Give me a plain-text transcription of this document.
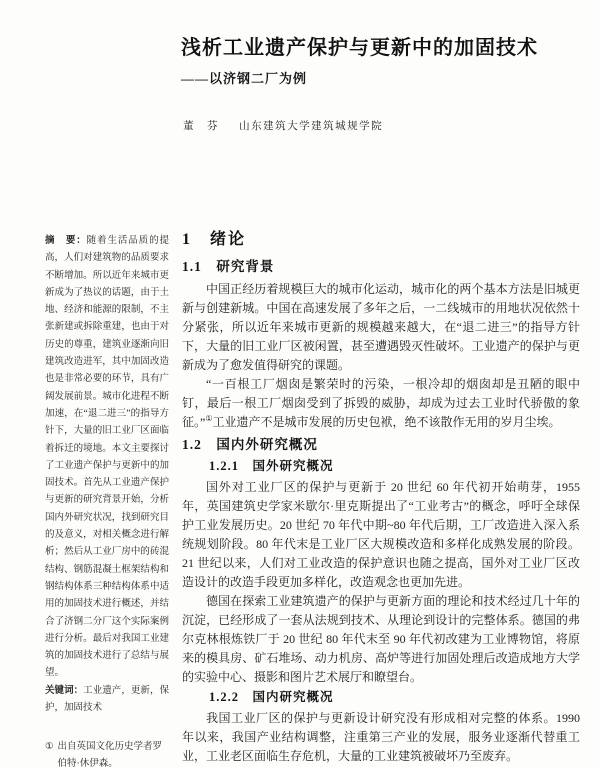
浅析工业遗产保护与更新中的加固技术
——以济钢二厂为例
董　芬 山东建筑大学建筑城规学院

摘　要：随着生活品质的提高，人们对建筑物的品质要求不断增加。所以近年来城市更新成为了热议的话题，由于土地、经济和能源的限制，不主张新建或拆除重建，也由于对历史的尊重，建筑业逐渐向旧建筑改造进军，其中加固改造也是非常必要的环节，具有广阔发展前景。城市化进程不断加速，在“退二进三”的指导方针下，大量的旧工业厂区面临着拆迁的境地。本文主要探讨了工业遗产保护与更新中的加固技术。首先从工业遗产保护与更新的研究背景开始，分析国内外研究状况，找到研究目的及意义，对相关概念进行解析；然后从工业厂房中的砖混结构、钢筋混凝土框架结构和钢结构体系三种结构体系中适用的加固技术进行概述，并结合了济钢二分厂这个实际案例进行分析。最后对我国工业建筑的加固技术进行了总结与展望。

关键词：工业遗产，更新，保护，加固技术

① 出自英国文化历史学者罗伯特·休伊森。
1　绪论
1.1　研究背景

中国正经历着规模巨大的城市化运动，城市化的两个基本方法是旧城更新与创建新城。中国在高速发展了多年之后，一二线城市的用地状况依然十分紧张，所以近年来城市更新的规模越来越大，在“退二进三”的指导方针下，大量的旧工业厂区被闲置，甚至遭遇毁灭性破坏。工业遗产的保护与更新成为了愈发值得研究的课题。

“一百根工厂烟囱是繁荣时的污染，一根冷却的烟囱却是丑陋的眼中钉，最后一根工厂烟囱受到了拆毁的威胁，却成为过去工业时代骄傲的象征。”①工业遗产不是城市发展的历史包袱，绝不该散作无用的岁月尘埃。

1.2　国内外研究概况
1.2.1　国外研究概况

国外对工业厂区的保护与更新于 20 世纪 60 年代初开始萌芽，1955 年，英国建筑史学家米歇尔·里克斯提出了“工业考古”的概念，呼吁全球保护工业发展历史。20 世纪 70 年代中期~80 年代后期，工厂改造进入深入系统规划阶段。80 年代末是工业厂区大规模改造和多样化成熟发展的阶段。21 世纪以来，人们对工业改造的保护意识也随之提高，国外对工业厂区改造设计的改造手段更加多样化，改造观念也更加先进。

德国在探索工业建筑遗产的保护与更新方面的理论和技术经过几十年的沉淀，已经形成了一套从法规到技术、从理论到设计的完整体系。德国的弗尔克林根炼铁厂于 20 世纪 80 年代末至 90 年代初改建为工业博物馆，将原来的模具房、矿石堆场、动力机房、高炉等进行加固处理后改造成地方大学的实验中心、摄影和图片艺术展厅和瞭望台。

1.2.2　国内研究概况

我国工业厂区的保护与更新设计研究没有形成相对完整的体系。1990 年以来，我国产业结构调整，注重第三产业的发展，服务业逐渐代替重工业，工业老区面临生存危机，大量的工业建筑被破坏乃至废弃。
